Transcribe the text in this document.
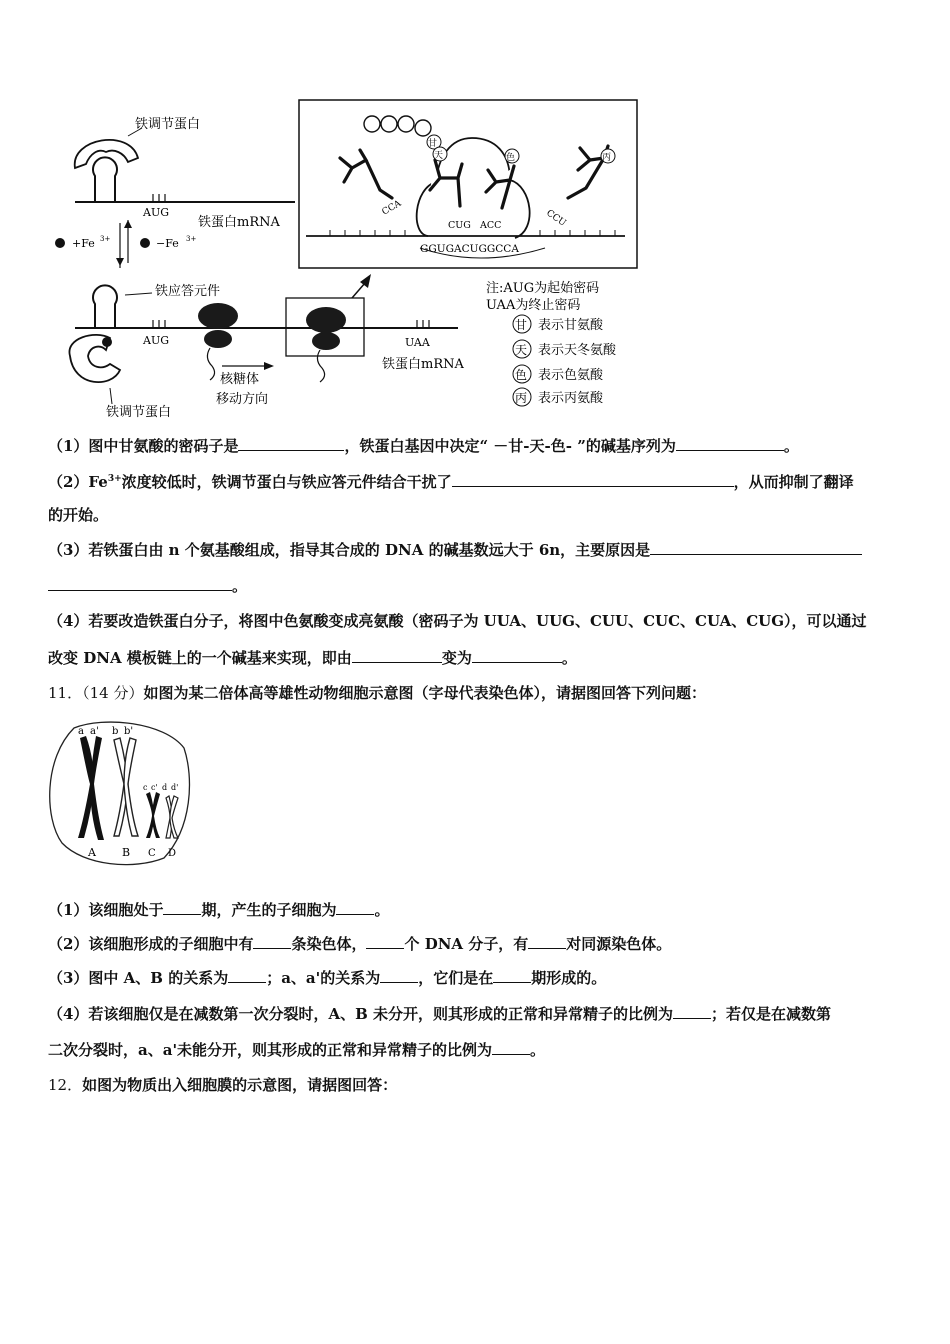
铁调节蛋白
AUG
铁蛋白mRNA
+Fe 3+	−Fe 3+
铁应答元件
AUG
铁调节蛋白
核糖体
移动方向
UAA
铁蛋白mRNA
GGUGACUGGCCA
CCA
甘
天	色
CUG ACC
丙
CCU
注:AUG为起始密码
UAA为终止密码
甘 表示甘氨酸
天 表示天冬氨酸
色 表示色氨酸
丙 表示丙氨酸
（1）图中甘氨酸的密码子是	，铁蛋白基因中决定“ －甘-天-色- ”的碱基序列为	。
$(2)Fe^{3+}$浓度较低时，铁调节蛋白与铁应答元件结合干扰了	，从而抑制了翻译
的开始。
（3）若铁蛋白由 n 个氨基酸组成，指导其合成的 DNA 的碱基数远大于 6n，主要原因是
。
（4）若要改造铁蛋白分子，将图中色氨酸变成亮氨酸（密码子为 UUA、UUG、CUU、CUC、CUA、CUG），可以通过
改变 DNA 模板链上的一个碱基来实现，即由	变为	。
11．（14 分）如图为某二倍体高等雄性动物细胞示意图（字母代表染色体），请据图回答下列问题：
a a' b b'
c c' d d'
A B C D
（1）该细胞处于	期，产生的子细胞为	。
（2）该细胞形成的子细胞中有	条染色体，	个 DNA 分子，有	对同源染色体。
（3）图中 A、B 的关系为	；a、a'的关系为	，它们是在	期形成的。
（4）若该细胞仅是在减数第一次分裂时，A、B 未分开，则其形成的正常和异常精子的比例为	；若仅是在减数第
二次分裂时，a、a'未能分开，则其形成的正常和异常精子的比例为	。
12．如图为物质出入细胞膜的示意图，请据图回答：
